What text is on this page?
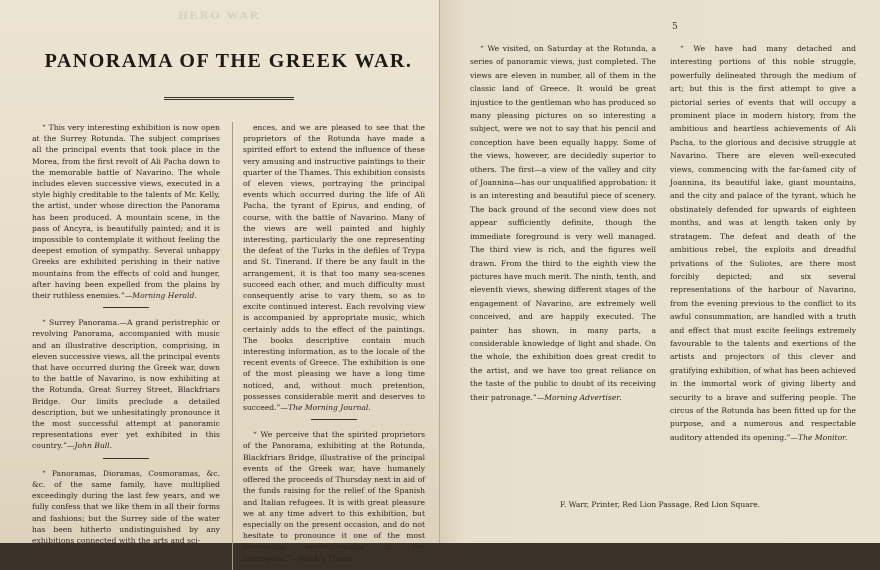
HERO WAR
PANORAMA OF THE GREEK WAR.

“ This very interesting exhibition is now open at the Surrey Rotunda. The subject comprises all the principal events that took place in the Morea, from the first revolt of Ali Pacha down to the memorable battle of Navarino. The whole includes eleven successive views, executed in a style highly creditable to the talents of Mr. Kelly, the artist, under whose direction the Panorama has been produced. A mountain scene, in the pass of Ancyra, is beautifully painted; and it is impossible to contemplate it without feeling the deepest emotion of sympathy. Several unhappy Greeks are exhibited perishing in their native mountains from the effects of cold and hunger, after having been expelled from the plains by their ruthless enemies.”—Morning Herald.

“ Surrey Panorama.—A grand peristrephic or revolving Panorama, accompanied with music and an illustrative description, comprising, in eleven successive views, all the principal events that have occurred during the Greek war, down to the battle of Navarino, is now exhibiting at the Rotunda, Great Surrey Street, Blackfriars Bridge. Our limits preclude a detailed description, but we unhesitatingly pronounce it the most successful attempt at panoramic representations ever yet exhibited in this country.”—John Bull.

“ Panoramas, Dioramas, Cosmoramas, &c. &c. of the same family, have multiplied exceedingly during the last few years, and we fully confess that we like them in all their forms and fashions; but the Surrey side of the water has been hitherto undistinguished by any exhibitions connected with the arts and sci-

ences, and we are pleased to see that the proprietors of the Rotunda have made a spirited effort to extend the influence of these very amusing and instructive paintings to their quarter of the Thames. This exhibition consists of eleven views, portraying the principal events which occurred during the life of Ali Pacha, the tyrant of Epirus, and ending, of course, with the battle of Navarino. Many of the views are well painted and highly interesting, particularly the one representing the defeat of the Turks in the defiles of Trypa and St. Tinerand. If there be any fault in the arrangement, it is that too many sea-scenes succeed each other, and much difficulty must consequently arise to vary them, so as to excite continued interest. Each revolving view is accompanied by appropriate music, which certainly adds to the effect of the paintings. The books descriptive contain much interesting information, as to the locale of the recent events of Greece. The exhibition is one of the most pleasing we have a long time noticed, and, without much pretention, possesses considerable merit and deserves to succeed.”—The Morning Journal.

“ We perceive that the spirited proprietors of the Panorama, exhibiting at the Rotunda, Blackfriars Bridge, illustrative of the principal events of the Greek war, have humanely offered the proceeds of Thursday next in aid of the funds raising for the relief of the Spanish and Italian refugees. It is with great pleasure we at any time advert to this exhibition, but especially on the present occasion, and do not hesitate to pronounce it one of the most interesting entertainments in the metropolis.”—Weekly Times.

5

“ We visited, on Saturday at the Rotunda, a series of panoramic views, just completed. The views are eleven in number, all of them in the classic land of Greece. It would be great injustice to the gentleman who has produced so many pleasing pictures on so interesting a subject, were we not to say that his pencil and conception have been equally happy. Some of the views, however, are decidedly superior to others. The first—a view of the valley and city of Joannina—has our unqualified approbation: it is an interesting and beautiful piece of scenery. The back ground of the second view does not appear sufficiently definite, though the immediate foreground is very well managed. The third view is rich, and the figures well drawn. From the third to the eighth view the pictures have much merit. The ninth, tenth, and eleventh views, shewing different stages of the engagement of Navarino, are extremely well conceived, and are happily executed. The painter has shown, in many parts, a considerable knowledge of light and shade. On the whole, the exhibition does great credit to the artist, and we have too great reliance on the taste of the public to doubt of its receiving their patronage.”—Morning Advertiser.

“ We have had many detached and interesting portions of this noble struggle, powerfully delineated through the medium of art; but this is the first attempt to give a pictorial series of events that will occupy a prominent place in modern history, from the ambitious and heartless achievements of Ali Pacha, to the glorious and decisive struggle at Navarino. There are eleven well-executed views, commencing with the far-famed city of Joannina, its beautiful lake, giant mountains, and the city and palace of the tyrant, which he obstinately defended for upwards of eighteen months, and was at length taken only by stratagem. The defeat and death of the ambitious rebel, the exploits and dreadful privations of the Suliotes, are there most forcibly depicted; and six several representations of the harbour of Navarino, from the evening previous to the conflict to its awful consummation, are handled with a truth and effect that must excite feelings extremely favourable to the talents and exertions of the artists and projectors of this clever and gratifying exhibition, of what has been achieved in the immortal work of giving liberty and security to a brave and suffering people. The circus of the Rotunda has been fitted up for the purpose, and a numerous and respectable auditory attended its opening.”—The Monitor.

F. Warr, Printer, Red Lion Passage, Red Lion Square.
